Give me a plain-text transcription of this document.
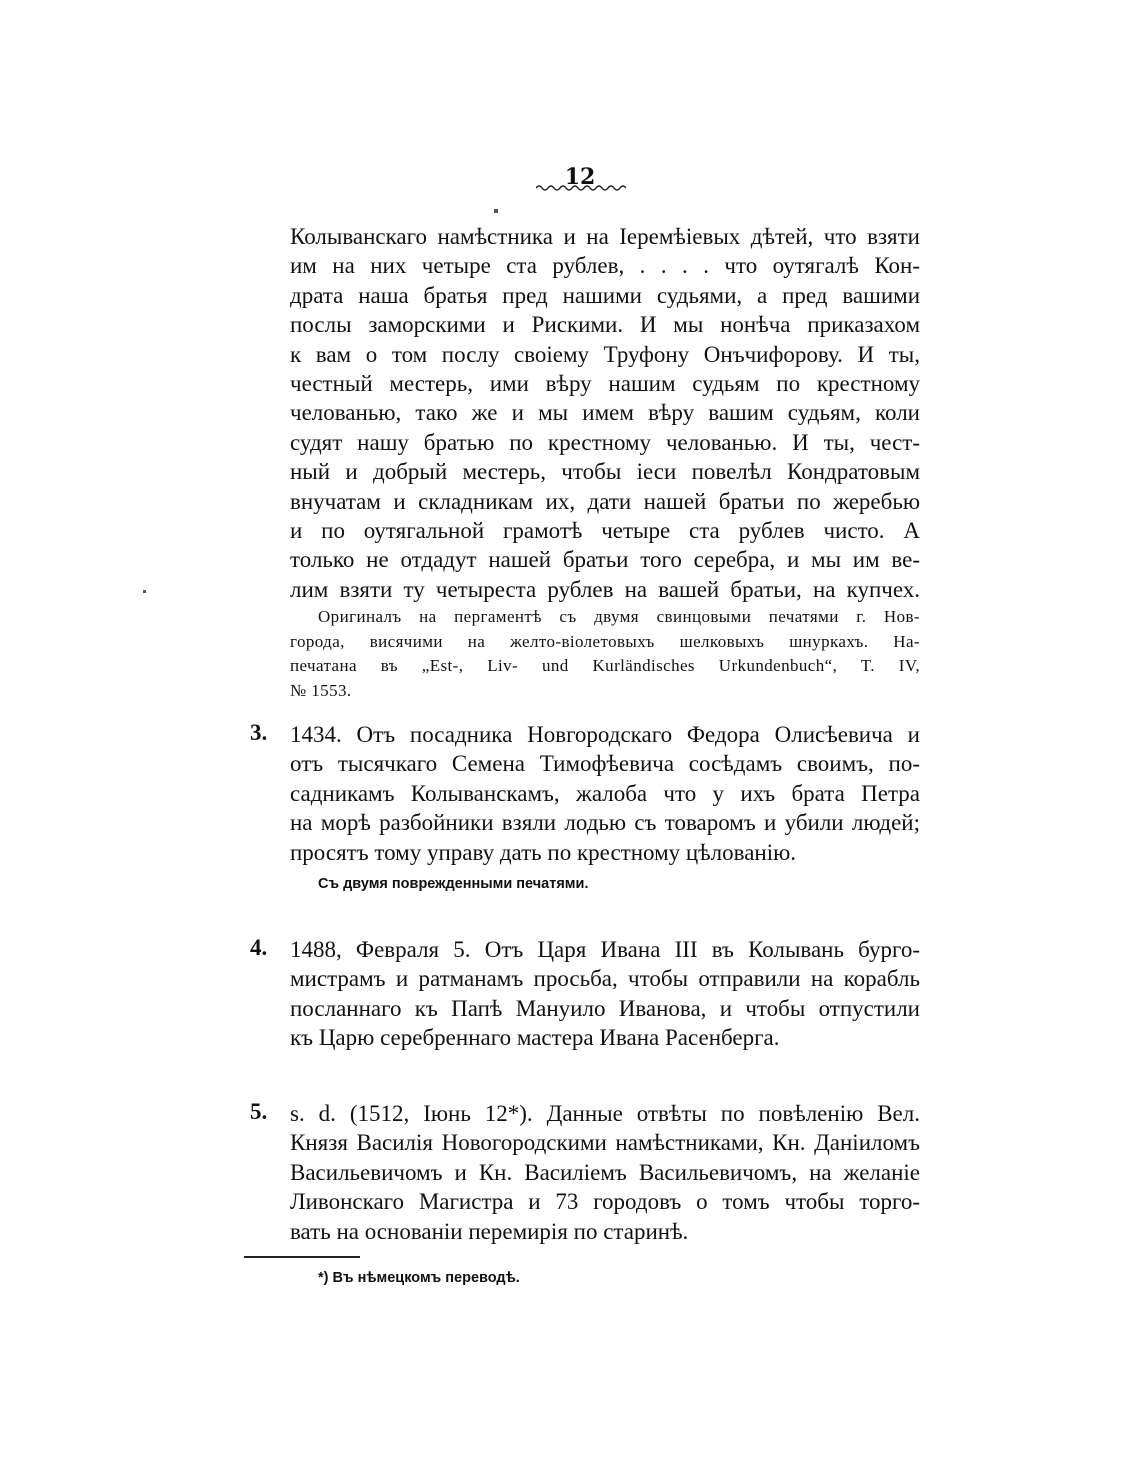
12
Колыванскаго намѣстника и на Іеремѣіевых дѣтей, что взяти
им на них четыре ста рублев, . . . . что оутягалѣ Кон-
драта наша братья пред нашими судьями, а пред вашими
послы заморскими и Рискими. И мы нонѣча приказахом
к вам о том послу своіему Труфону Онъчифорову. И ты,
честный местерь, ими вѣру нашим судьям по крестному
челованью, тако же и мы имем вѣру вашим судьям, коли
судят нашу братью по крестному челованью. И ты, чест-
ный и добрый местерь, чтобы іеси повелѣл Кондратовым
внучатам и складникам их, дати нашей братьи по жеребью
и по оутягальной грамотѣ четыре ста рублев чисто. А
только не отдадут нашей братьи того серебра, и мы им ве-
лим взяти ту четыреста рублев на вашей братьи, на купчех.
Оригиналъ на пергаментѣ съ двумя свинцовыми печатями г. Нов-
города, висячими на желто-віолетовыхъ шелковыхъ шнуркахъ. На-
печатана въ „Est-, Liv- und Kurländisches Urkundenbuch“, T. IV,
№ 1553.
3. 1434. Отъ посадника Новгородскаго Федора Олисѣевича и
отъ тысячкаго Семена Тимофѣевича сосѣдамъ своимъ, по-
садникамъ Колыванскамъ, жалоба что у ихъ брата Петра
на морѣ разбойники взяли лодью съ товаромъ и убили людей;
просятъ тому управу дать по крестному цѣлованію.
Съ двумя поврежденными печатями.
4. 1488, Февраля 5. Отъ Царя Ивана III въ Колывань бурго-
мистрамъ и ратманамъ просьба, чтобы отправили на корабль
посланнаго къ Папѣ Мануило Иванова, и чтобы отпустили
къ Царю серебреннаго мастера Ивана Расенберга.
5. s. d. (1512, Іюнь 12*). Данные отвѣты по повѣленію Вел.
Князя Василія Новогородскими намѣстниками, Кн. Даніиломъ
Васильевичомъ и Кн. Василіемъ Васильевичомъ, на желаніе
Ливонскаго Магистра и 73 городовъ о томъ чтобы торго-
вать на основаніи перемирія по старинѣ.
*) Въ нѣмецкомъ переводѣ.
